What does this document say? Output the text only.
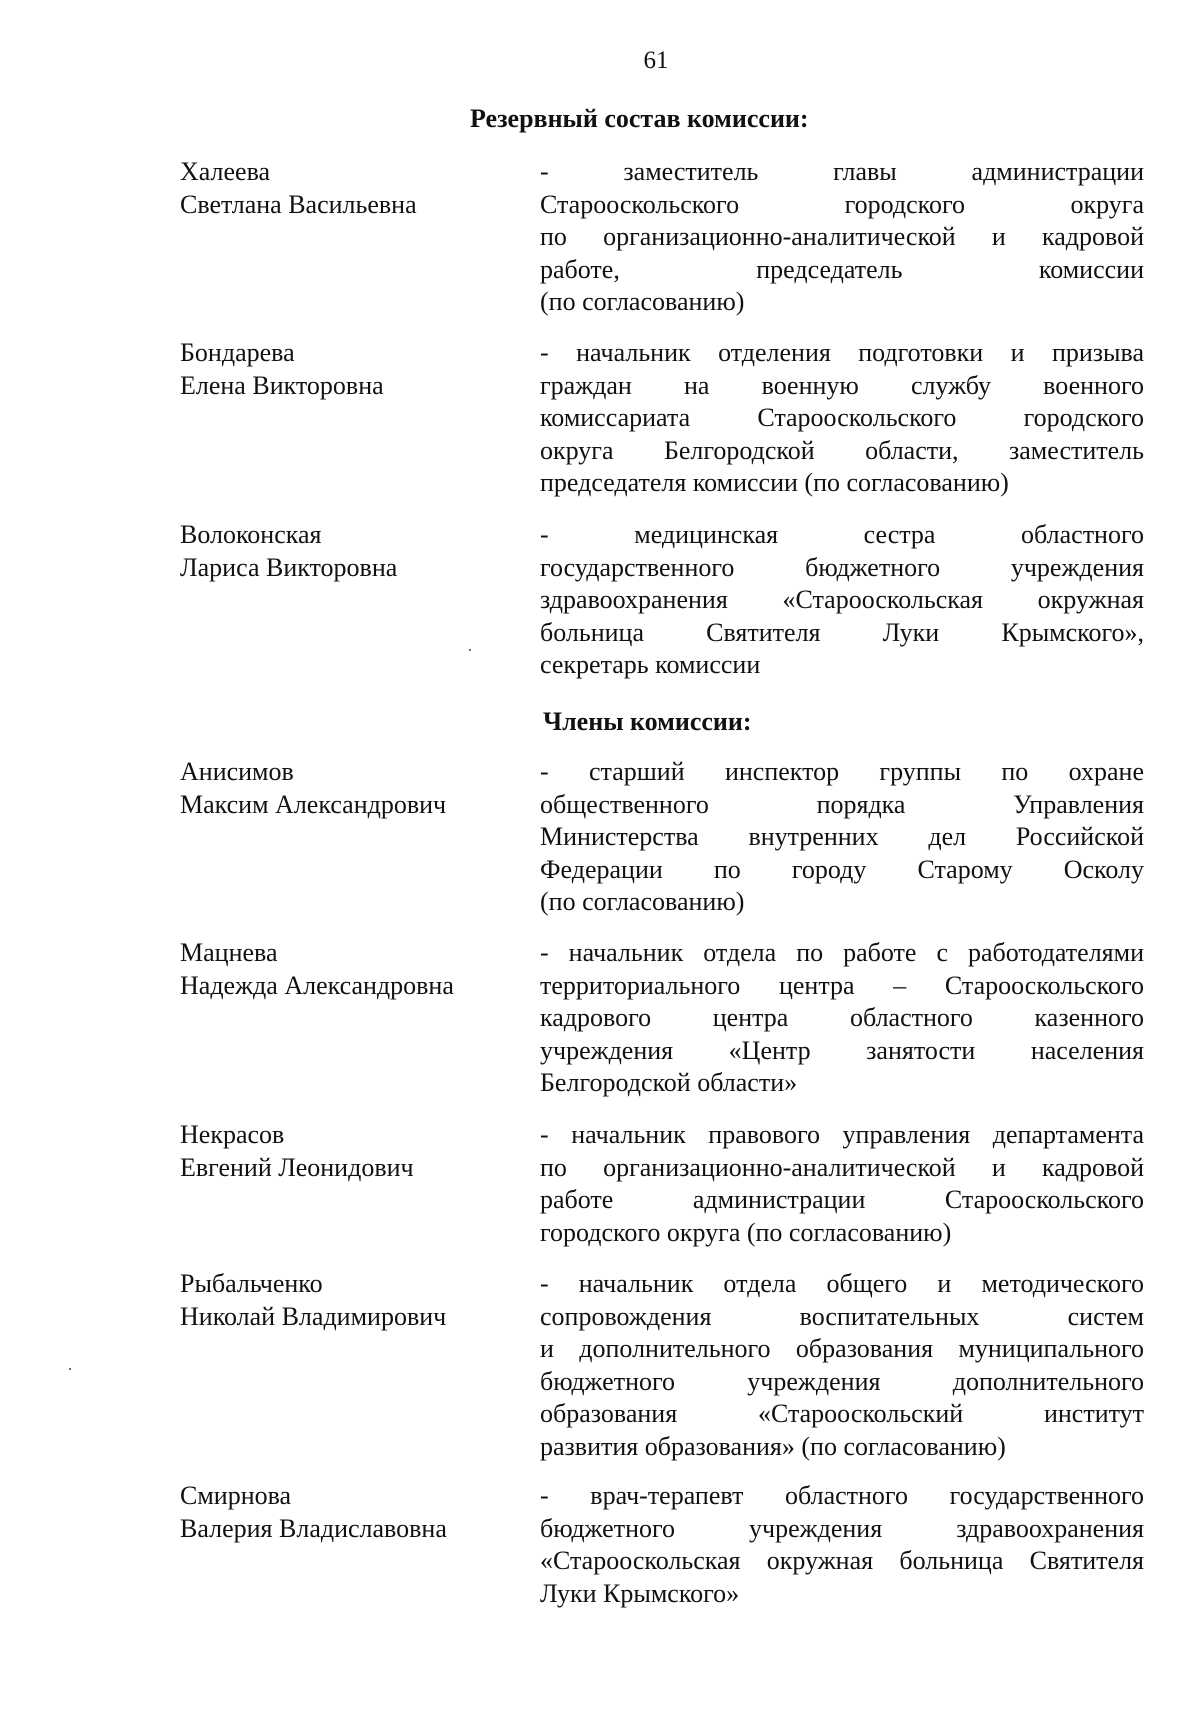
61
Резервный состав комиссии:
Халеева
Светлана Васильевна
- заместитель главы администрации
Старооскольского городского округа
по организационно-аналитической и кадровой
работе, председатель комиссии
(по согласованию)
Бондарева
Елена Викторовна
- начальник отделения подготовки и призыва
граждан на военную службу военного
комиссариата Старооскольского городского
округа Белгородской области, заместитель
председателя комиссии (по согласованию)
Волоконская
Лариса Викторовна
- медицинская сестра областного
государственного бюджетного учреждения
здравоохранения «Старооскольская окружная
больница Святителя Луки Крымского»,
секретарь комиссии
Члены комиссии:
Анисимов
Максим Александрович
- старший инспектор группы по охране
общественного порядка Управления
Министерства внутренних дел Российской
Федерации по городу Старому Осколу
(по согласованию)
Мацнева
Надежда Александровна
- начальник отдела по работе с работодателями
территориального центра – Старооскольского
кадрового центра областного казенного
учреждения «Центр занятости населения
Белгородской области»
Некрасов
Евгений Леонидович
- начальник правового управления департамента
по организационно-аналитической и кадровой
работе администрации Старооскольского
городского округа (по согласованию)
Рыбальченко
Николай Владимирович
- начальник отдела общего и методического
сопровождения воспитательных систем
и дополнительного образования муниципального
бюджетного учреждения дополнительного
образования «Старооскольский институт
развития образования» (по согласованию)
Смирнова
Валерия Владиславовна
- врач-терапевт областного государственного
бюджетного учреждения здравоохранения
«Старооскольская окружная больница Святителя
Луки Крымского»
